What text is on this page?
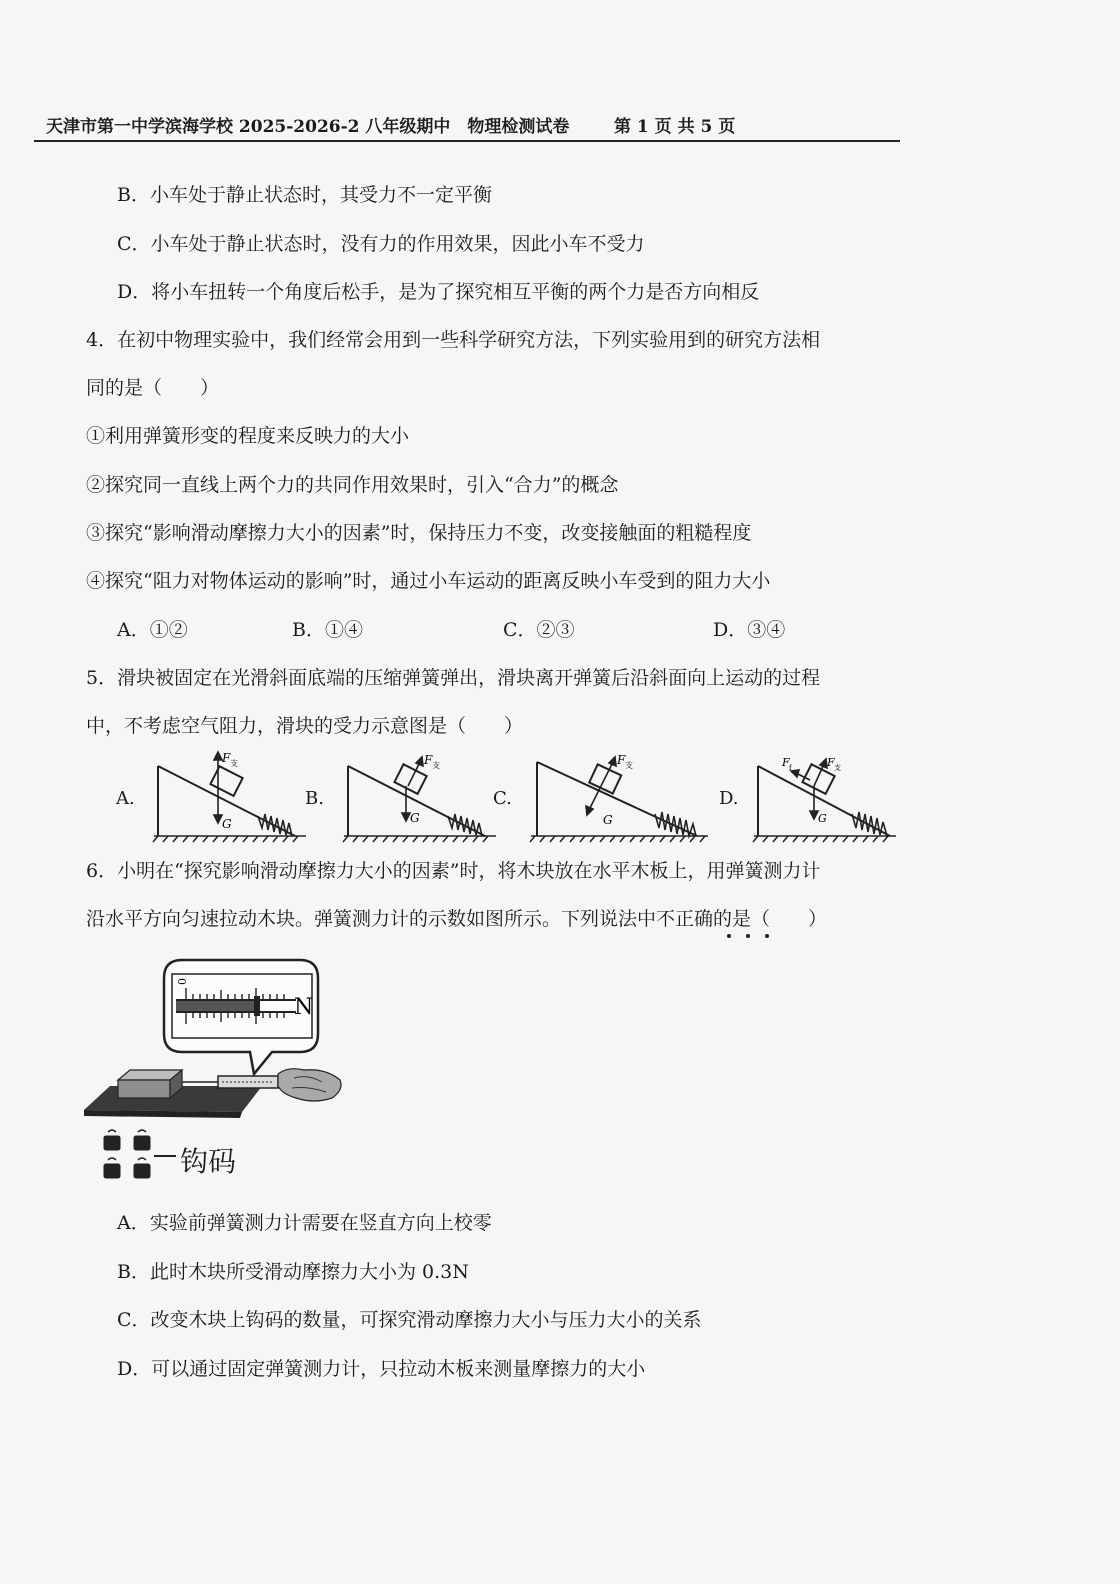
天津市第一中学滨海学校 2025-2026-2 八年级期中　物理检测试卷	第 1 页 共 5 页
B．小车处于静止状态时，其受力不一定平衡
C．小车处于静止状态时，没有力的作用效果，因此小车不受力
D．将小车扭转一个角度后松手，是为了探究相互平衡的两个力是否方向相反
4．在初中物理实验中，我们经常会用到一些科学研究方法，下列实验用到的研究方法相
同的是（　　）
①利用弹簧形变的程度来反映力的大小
②探究同一直线上两个力的共同作用效果时，引入“合力”的概念
③探究“影响滑动摩擦力大小的因素”时，保持压力不变，改变接触面的粗糙程度
④探究“阻力对物体运动的影响”时，通过小车运动的距离反映小车受到的阻力大小
A．①②	B．①④	C．②③	D．③④
5．滑块被固定在光滑斜面底端的压缩弹簧弹出，滑块离开弹簧后沿斜面向上运动的过程
中，不考虑空气阻力，滑块的受力示意图是（　　）
A.	B.	C.	D.
F 支
G
F 支
G
F 支
G
F f	F 支
G
6．小明在“探究影响滑动摩擦力大小的因素”时，将木块放在水平木板上，用弹簧测力计
沿水平方向匀速拉动木块。弹簧测力计的示数如图所示。下列说法中不正确的是（　　）
0
N
钩码
A．实验前弹簧测力计需要在竖直方向上校零
B．此时木块所受滑动摩擦力大小为 0.3N
C．改变木块上钩码的数量，可探究滑动摩擦力大小与压力大小的关系
D．可以通过固定弹簧测力计，只拉动木板来测量摩擦力的大小
